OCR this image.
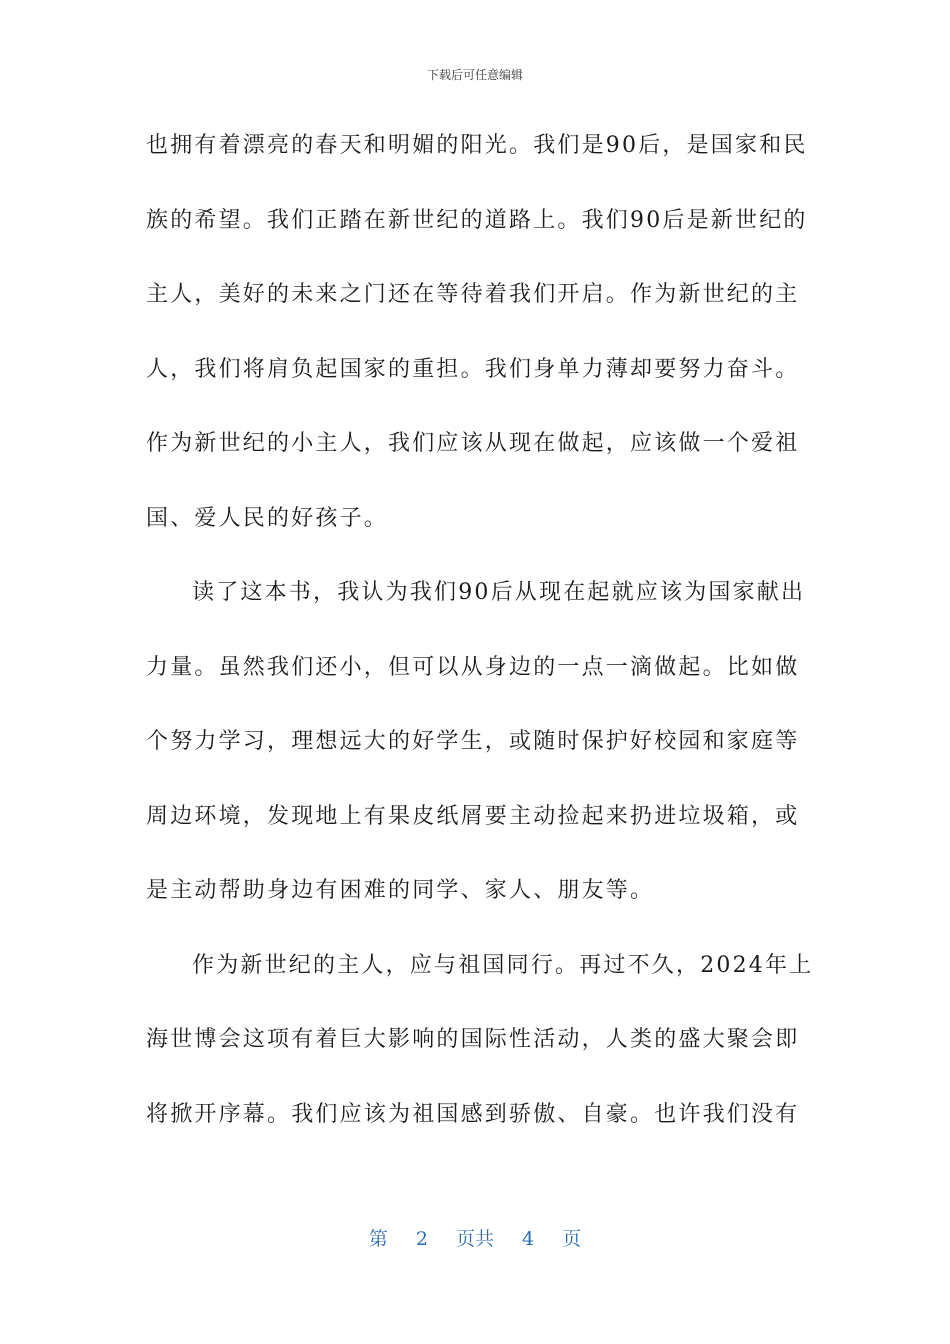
下载后可任意编辑
也拥有着漂亮的春天和明媚的阳光。我们是90后，是国家和民
族的希望。我们正踏在新世纪的道路上。我们90后是新世纪的
主人，美好的未来之门还在等待着我们开启。作为新世纪的主
人，我们将肩负起国家的重担。我们身单力薄却要努力奋斗。
作为新世纪的小主人，我们应该从现在做起，应该做一个爱祖
国、爱人民的好孩子。
读了这本书，我认为我们90后从现在起就应该为国家献出
力量。虽然我们还小，但可以从身边的一点一滴做起。比如做
个努力学习，理想远大的好学生，或随时保护好校园和家庭等
周边环境，发现地上有果皮纸屑要主动捡起来扔进垃圾箱，或
是主动帮助身边有困难的同学、家人、朋友等。
作为新世纪的主人，应与祖国同行。再过不久，2024年上
海世博会这项有着巨大影响的国际性活动，人类的盛大聚会即
将掀开序幕。我们应该为祖国感到骄傲、自豪。也许我们没有
第 2 页共 4 页
